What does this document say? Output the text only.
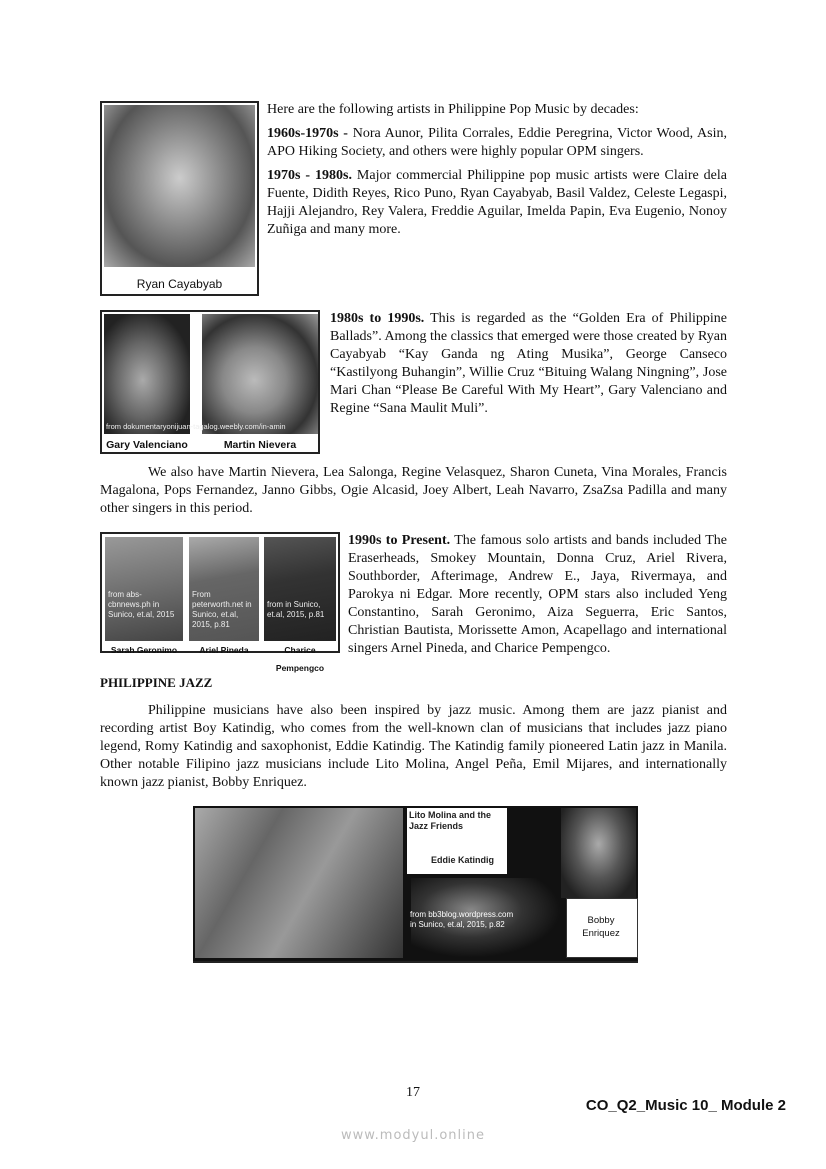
Ryan Cayabyab

Here are the following artists in Philippine Pop Music by decades:

1960s-1970s - Nora Aunor, Pilita Corrales, Eddie Peregrina, Victor Wood, Asin, APO Hiking Society, and others were highly popular OPM singers.

1970s - 1980s. Major commercial Philippine pop music artists were Claire dela Fuente, Didith Reyes, Rico Puno, Ryan Cayabyab, Basil Valdez, Celeste Legaspi, Hajji Alejandro, Rey Valera, Freddie Aguilar, Imelda Papin, Eva Eugenio, Nonoy Zuñiga and many more.

from dokumentaryonijuan-tagalog.weebly.com/in-amin
Gary Valenciano	Martin Nievera

1980s to 1990s. This is regarded as the “Golden Era of Philippine Ballads”. Among the classics that emerged were those created by Ryan Cayabyab “Kay Ganda ng Ating Musika”, George Canseco “Kastilyong Buhangin”, Willie Cruz “Bituing Walang Ningning”, Jose Mari Chan “Please Be Careful With My Heart”, Gary Valenciano and Regine “Sana Maulit Muli”.

We also have Martin Nievera, Lea Salonga, Regine Velasquez, Sharon Cuneta, Vina Morales, Francis Magalona, Pops Fernandez, Janno Gibbs, Ogie Alcasid, Joey Albert, Leah Navarro, ZsaZsa Padilla and many other singers in this period.

from abs-cbnnews.ph in Sunico, et.al, 2015
From peterworth.net in Sunico, et.al, 2015, p.81
from in Sunico, et.al, 2015, p.81
Sarah Geronimo	Ariel Pineda	Charice Pempengco

1990s to Present. The famous solo artists and bands included The Eraserheads, Smokey Mountain, Donna Cruz, Ariel Rivera, Southborder, Afterimage, Andrew E., Jaya, Rivermaya, and Parokya ni Edgar. More recently, OPM stars also included Yeng Constantino, Sarah Geronimo, Aiza Seguerra, Eric Santos, Christian Bautista, Morissette Amon, Acapellago and international singers Arnel Pineda, and Charice Pempengco.

PHILIPPINE JAZZ

Philippine musicians have also been inspired by jazz music. Among them are jazz pianist and recording artist Boy Katindig, who comes from the well-known clan of musicians that includes jazz piano legend, Romy Katindig and saxophonist, Eddie Katindig. The Katindig family pioneered Latin jazz in Manila. Other notable Filipino jazz musicians include Lito Molina, Angel Peña, Emil Mijares, and internationally known jazz pianist, Bobby Enriquez.

Lito Molina and the Jazz Friends
Eddie Katindig
from bb3blog.wordpress.com in Sunico, et.al, 2015, p.82	Bobby Enriquez
17
CO_Q2_Music 10_ Module 2
www.modyul.online
